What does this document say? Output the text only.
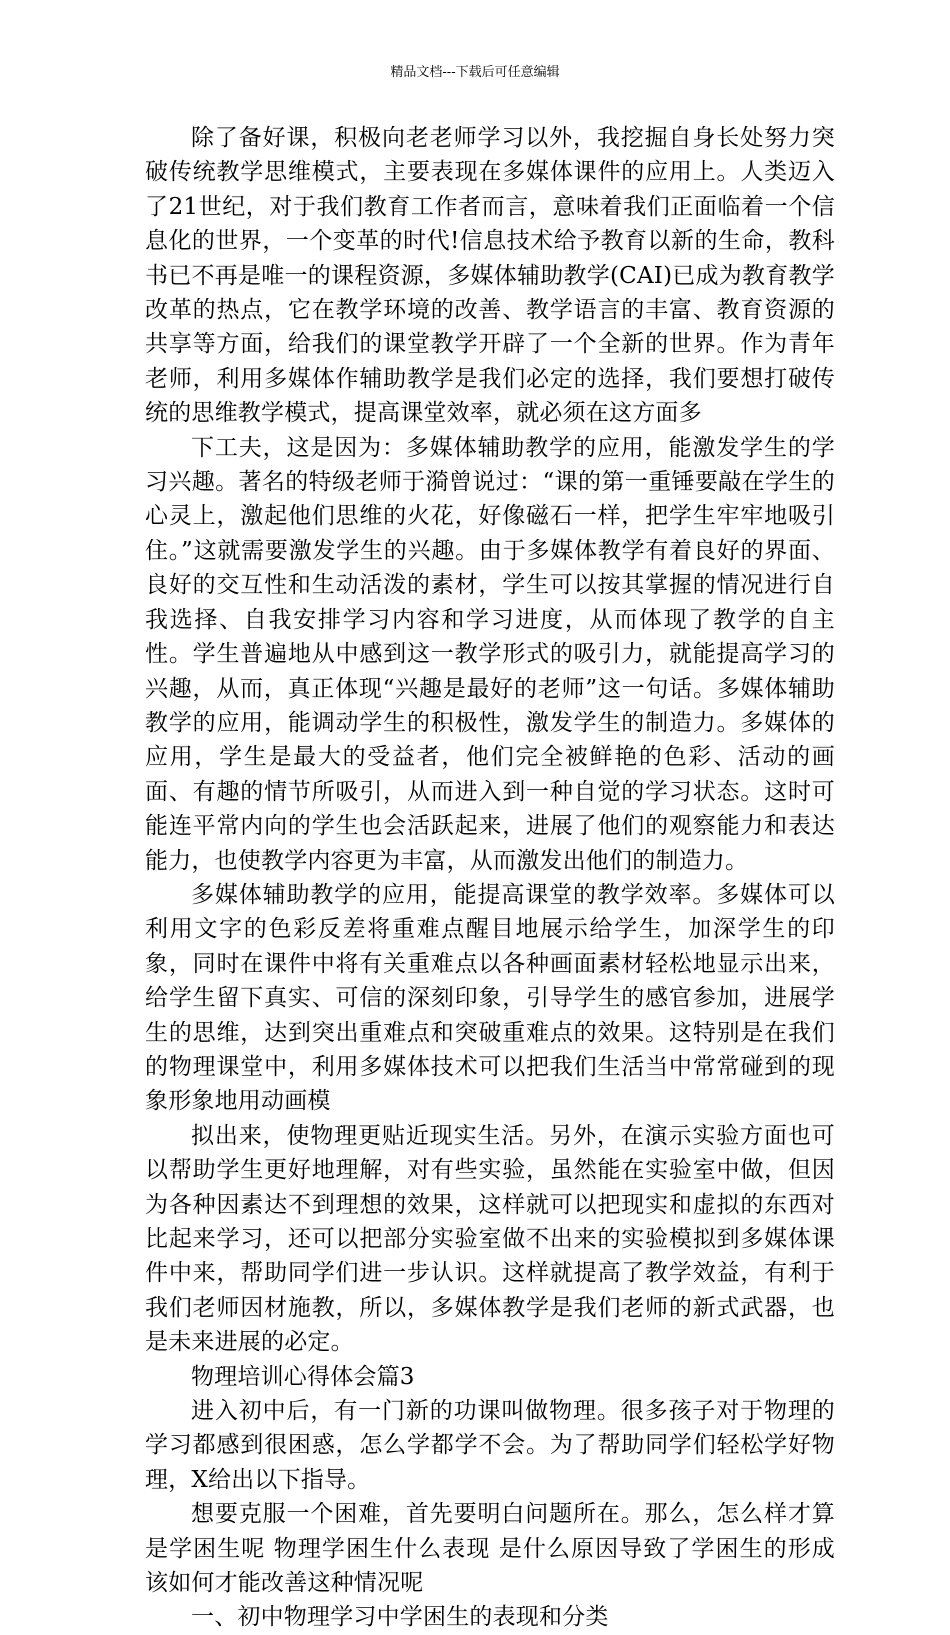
精品文档---下载后可任意编辑

除了备好课，积极向老老师学习以外，我挖掘自身长处努力突破传统教学思维模式，主要表现在多媒体课件的应用上。人类迈入了21世纪，对于我们教育工作者而言，意味着我们正面临着一个信息化的世界，一个变革的时代!信息技术给予教育以新的生命，教科书已不再是唯一的课程资源，多媒体辅助教学(CAI)已成为教育教学改革的热点，它在教学环境的改善、教学语言的丰富、教育资源的共享等方面，给我们的课堂教学开辟了一个全新的世界。作为青年老师，利用多媒体作辅助教学是我们必定的选择，我们要想打破传统的思维教学模式，提高课堂效率，就必须在这方面多

下工夫，这是因为：多媒体辅助教学的应用，能激发学生的学习兴趣。著名的特级老师于漪曾说过：“课的第一重锤要敲在学生的心灵上，激起他们思维的火花，好像磁石一样，把学生牢牢地吸引住。”这就需要激发学生的兴趣。由于多媒体教学有着良好的界面、良好的交互性和生动活泼的素材，学生可以按其掌握的情况进行自我选择、自我安排学习内容和学习进度，从而体现了教学的自主性。学生普遍地从中感到这一教学形式的吸引力，就能提高学习的兴趣，从而，真正体现“兴趣是最好的老师”这一句话。多媒体辅助教学的应用，能调动学生的积极性，激发学生的制造力。多媒体的应用，学生是最大的受益者，他们完全被鲜艳的色彩、活动的画面、有趣的情节所吸引，从而进入到一种自觉的学习状态。这时可能连平常内向的学生也会活跃起来，进展了他们的观察能力和表达能力，也使教学内容更为丰富，从而激发出他们的制造力。

多媒体辅助教学的应用，能提高课堂的教学效率。多媒体可以利用文字的色彩反差将重难点醒目地展示给学生，加深学生的印象，同时在课件中将有关重难点以各种画面素材轻松地显示出来，给学生留下真实、可信的深刻印象，引导学生的感官参加，进展学生的思维，达到突出重难点和突破重难点的效果。这特别是在我们的物理课堂中，利用多媒体技术可以把我们生活当中常常碰到的现象形象地用动画模

拟出来，使物理更贴近现实生活。另外，在演示实验方面也可以帮助学生更好地理解，对有些实验，虽然能在实验室中做，但因为各种因素达不到理想的效果，这样就可以把现实和虚拟的东西对比起来学习，还可以把部分实验室做不出来的实验模拟到多媒体课件中来，帮助同学们进一步认识。这样就提高了教学效益，有利于我们老师因材施教，所以，多媒体教学是我们老师的新式武器，也是未来进展的必定。

物理培训心得体会篇3

进入初中后，有一门新的功课叫做物理。很多孩子对于物理的学习都感到很困惑，怎么学都学不会。为了帮助同学们轻松学好物理，X给出以下指导。

想要克服一个困难，首先要明白问题所在。那么，怎么样才算是学困生呢 物理学困生什么表现 是什么原因导致了学困生的形成 该如何才能改善这种情况呢

一、初中物理学习中学困生的表现和分类
